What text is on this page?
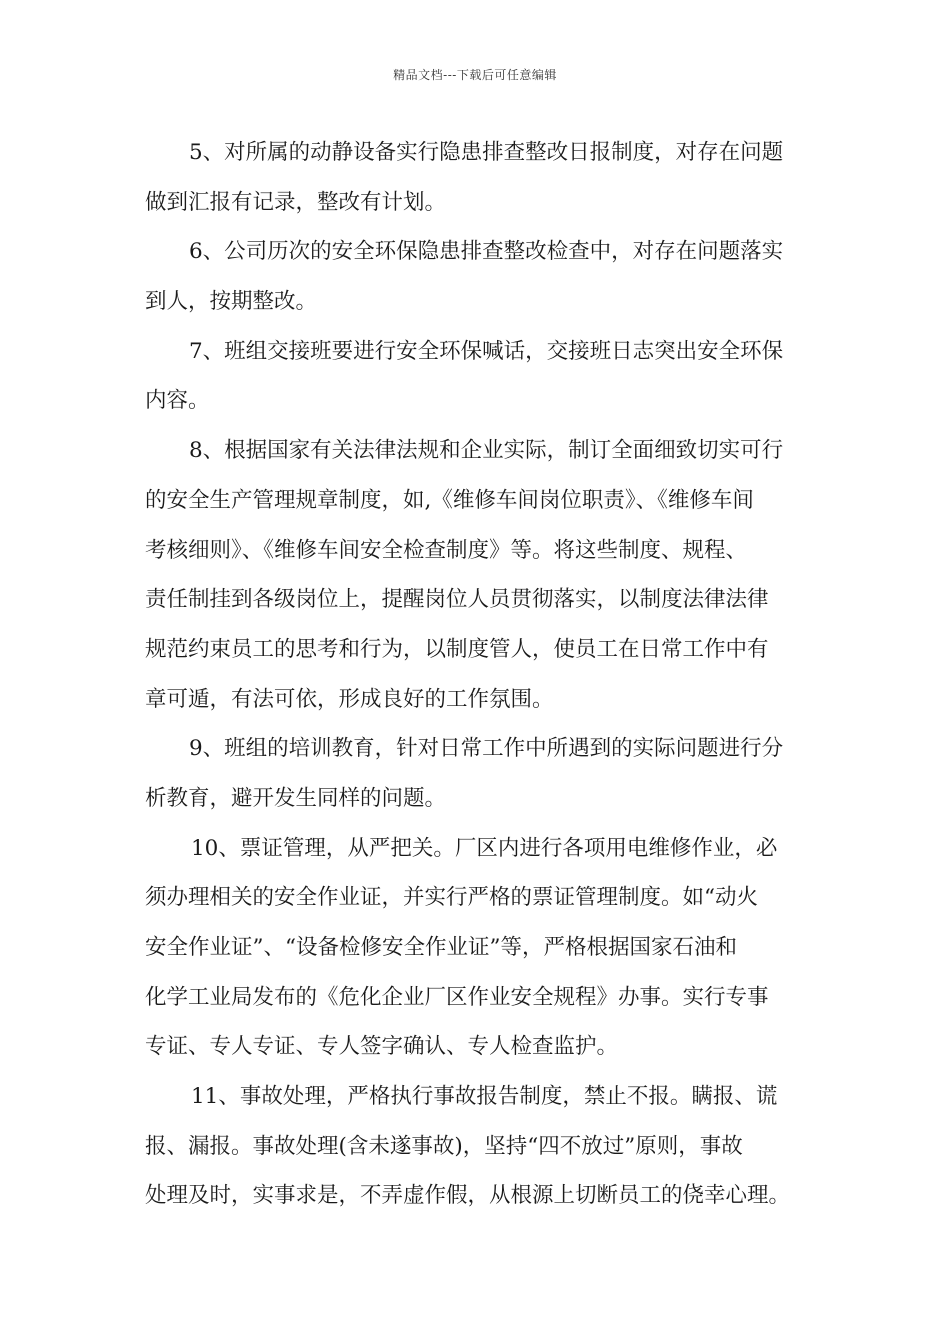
精品文档---下载后可任意编辑
5、对所属的动静设备实行隐患排查整改日报制度，对存在问题
做到汇报有记录，整改有计划。
6、公司历次的安全环保隐患排查整改检查中，对存在问题落实
到人，按期整改。
7、班组交接班要进行安全环保喊话，交接班日志突出安全环保
内容。
8、根据国家有关法律法规和企业实际，制订全面细致切实可行
的安全生产管理规章制度，如,《维修车间岗位职责》、《维修车间
考核细则》、《维修车间安全检查制度》等。将这些制度、规程、
责任制挂到各级岗位上，提醒岗位人员贯彻落实，以制度法律法律
规范约束员工的思考和行为，以制度管人，使员工在日常工作中有
章可遁，有法可依，形成良好的工作氛围。
9、班组的培训教育，针对日常工作中所遇到的实际问题进行分
析教育，避开发生同样的问题。
10、票证管理，从严把关。厂区内进行各项用电维修作业，必
须办理相关的安全作业证，并实行严格的票证管理制度。如“动火
安全作业证”、“设备检修安全作业证”等，严格根据国家石油和
化学工业局发布的《危化企业厂区作业安全规程》办事。实行专事
专证、专人专证、专人签字确认、专人检查监护。
11、事故处理，严格执行事故报告制度，禁止不报。瞒报、谎
报、漏报。事故处理(含未遂事故)，坚持“四不放过”原则，事故
处理及时，实事求是，不弄虚作假，从根源上切断员工的侥幸心理。
